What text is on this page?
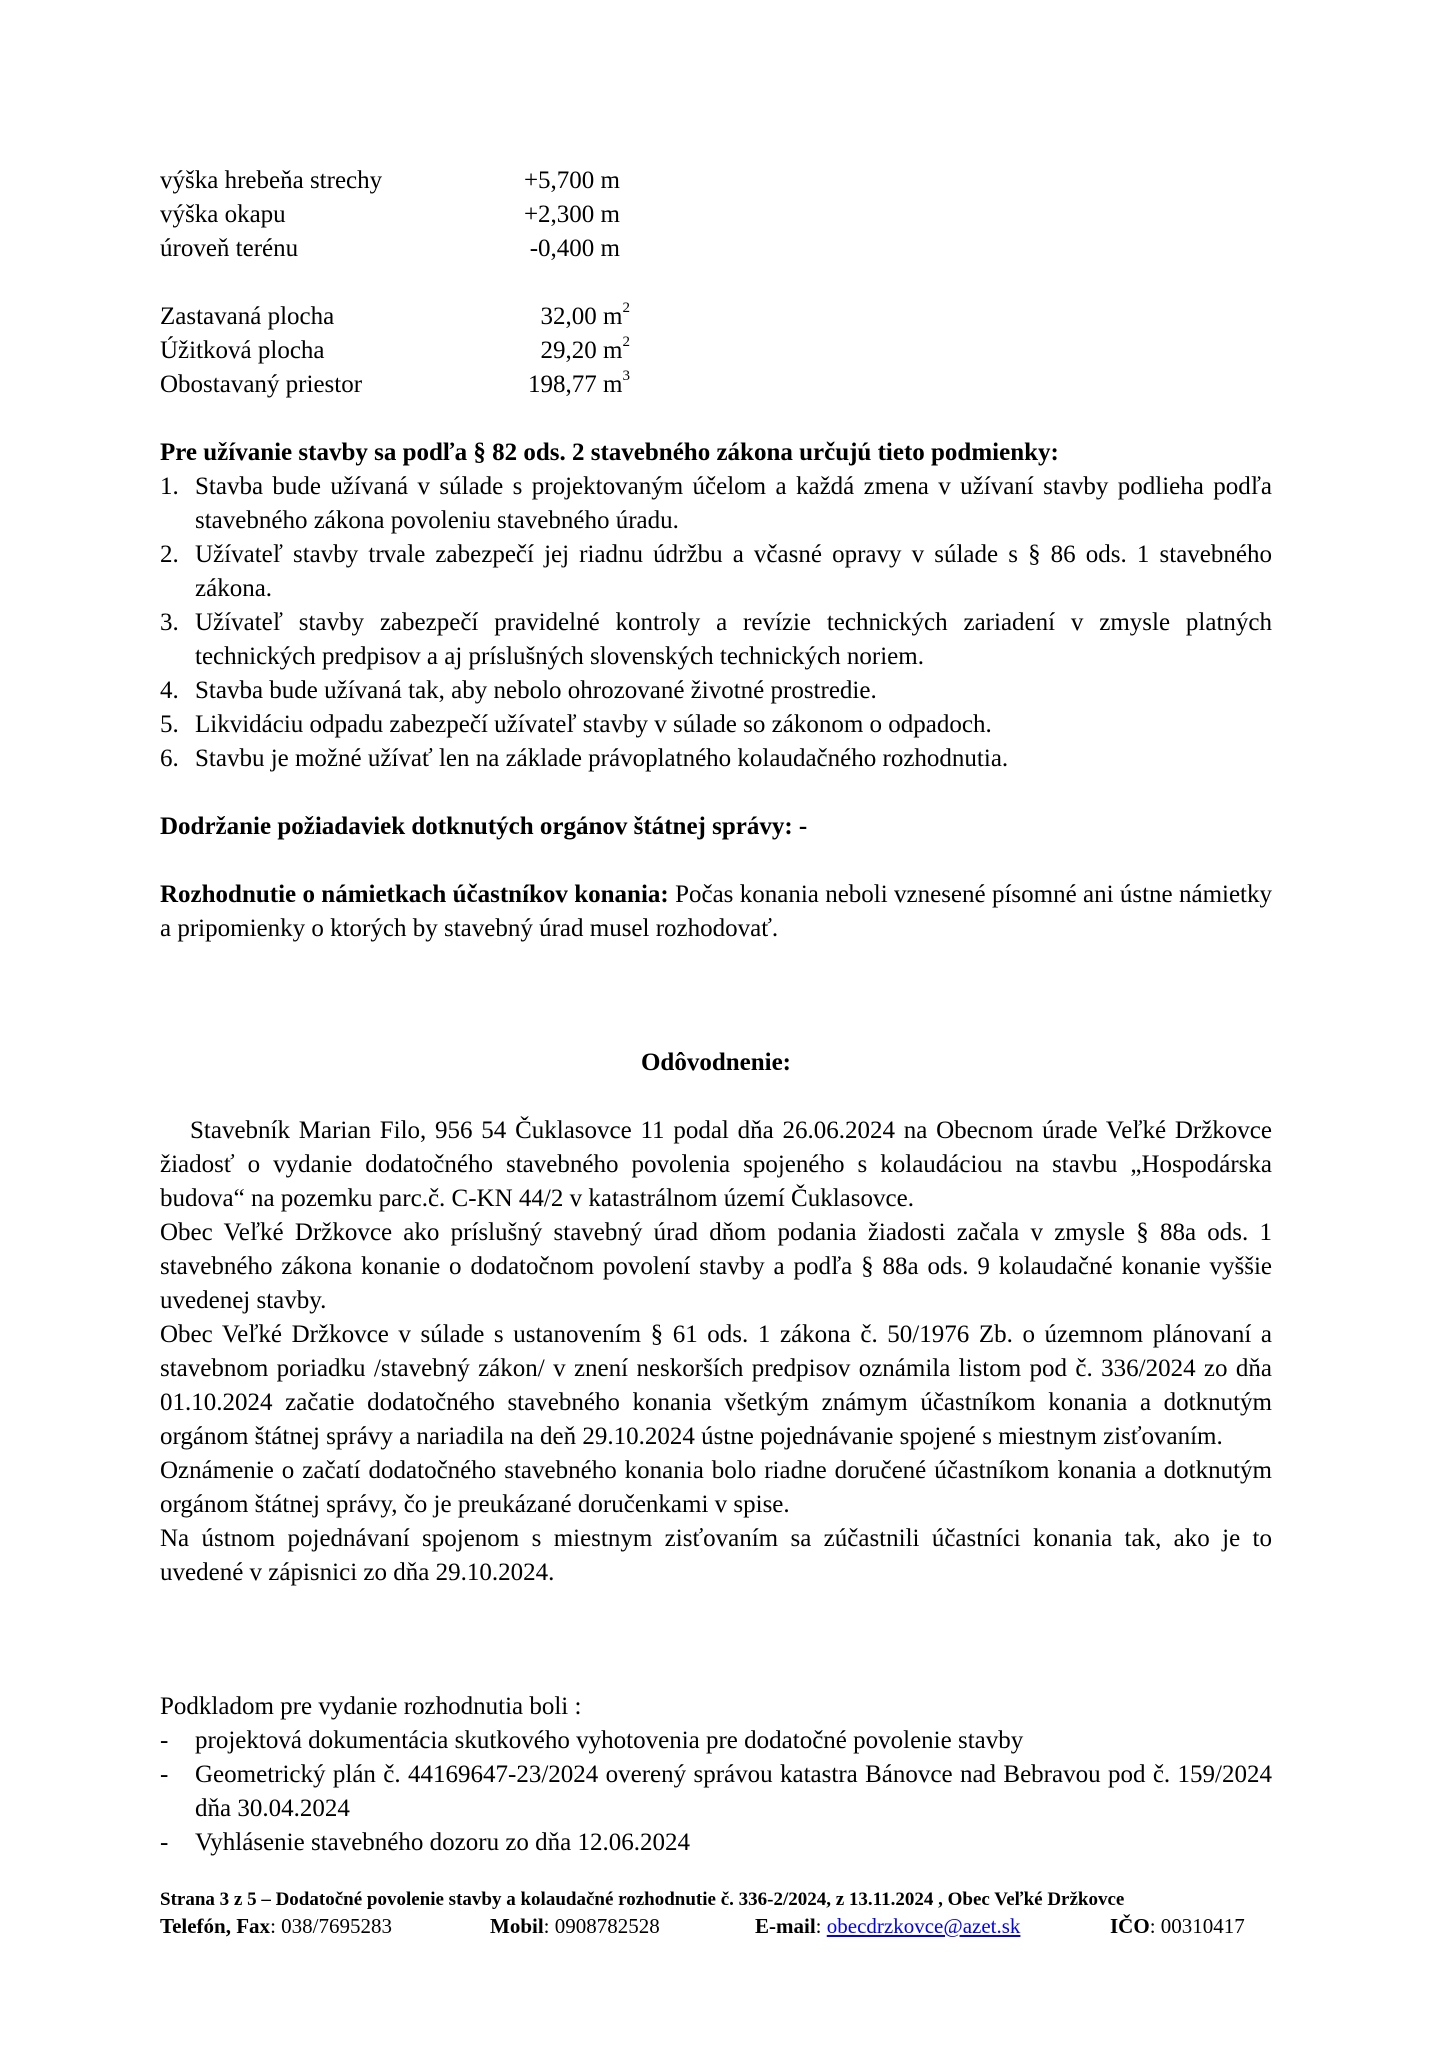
výška hrebeňa strechy	+5,700 m
výška okapu	+2,300 m
úroveň terénu	-0,400 m
Zastavaná plocha	32,00 $m^2$
Úžitková plocha	29,20 $m^2$
Obostavaný priestor	198,77 $m^3$
Pre užívanie stavby sa podľa § 82 ods. 2 stavebného zákona určujú tieto podmienky:
1. Stavba bude užívaná v súlade s projektovaným účelom a každá zmena v užívaní stavby podlieha podľa stavebného zákona povoleniu stavebného úradu.
2. Užívateľ stavby trvale zabezpečí jej riadnu údržbu a včasné opravy v súlade s § 86 ods. 1 stavebného zákona.
3. Užívateľ stavby zabezpečí pravidelné kontroly a revízie technických zariadení v zmysle platných technických predpisov a aj príslušných slovenských technických noriem.
4. Stavba bude užívaná tak, aby nebolo ohrozované životné prostredie.
5. Likvidáciu odpadu zabezpečí užívateľ stavby v súlade so zákonom o odpadoch.
6. Stavbu je možné užívať len na základe právoplatného kolaudačného rozhodnutia.
Dodržanie požiadaviek dotknutých orgánov štátnej správy: -
Rozhodnutie o námietkach účastníkov konania: Počas konania neboli vznesené písomné ani ústne námietky a pripomienky o ktorých by stavebný úrad musel rozhodovať.
Odôvodnenie:
Stavebník Marian Filo, 956 54 Čuklasovce 11 podal dňa 26.06.2024 na Obecnom úrade Veľké Držkovce žiadosť o vydanie dodatočného stavebného povolenia spojeného s kolaudáciou na stavbu „Hospodárska budova“ na pozemku parc.č. C-KN 44/2 v katastrálnom území Čuklasovce.
Obec Veľké Držkovce ako príslušný stavebný úrad dňom podania žiadosti začala v zmysle § 88a ods. 1 stavebného zákona konanie o dodatočnom povolení stavby a podľa § 88a ods. 9 kolaudačné konanie vyššie uvedenej stavby.
Obec Veľké Držkovce v súlade s ustanovením § 61 ods. 1 zákona č. 50/1976 Zb. o územnom plánovaní a stavebnom poriadku /stavebný zákon/ v znení neskorších predpisov oznámila listom pod č. 336/2024 zo dňa 01.10.2024 začatie dodatočného stavebného konania všetkým známym účastníkom konania a dotknutým orgánom štátnej správy a nariadila na deň 29.10.2024 ústne pojednávanie spojené s miestnym zisťovaním.
Oznámenie o začatí dodatočného stavebného konania bolo riadne doručené účastníkom konania a dotknutým orgánom štátnej správy, čo je preukázané doručenkami v spise.
Na ústnom pojednávaní spojenom s miestnym zisťovaním sa zúčastnili účastníci konania tak, ako je to uvedené v zápisnici zo dňa 29.10.2024.
Podkladom pre vydanie rozhodnutia boli :
- projektová dokumentácia skutkového vyhotovenia pre dodatočné povolenie stavby
- Geometrický plán č. 44169647-23/2024 overený správou katastra Bánovce nad Bebravou pod č. 159/2024 dňa 30.04.2024
- Vyhlásenie stavebného dozoru zo dňa 12.06.2024
Strana 3 z 5 – Dodatočné povolenie stavby a kolaudačné rozhodnutie č. 336-2/2024, z 13.11.2024 , Obec Veľké Držkovce
Telefón, Fax: 038/7695283	Mobil: 0908782528	E-mail: obecdrzkovce@azet.sk	IČO: 00310417
